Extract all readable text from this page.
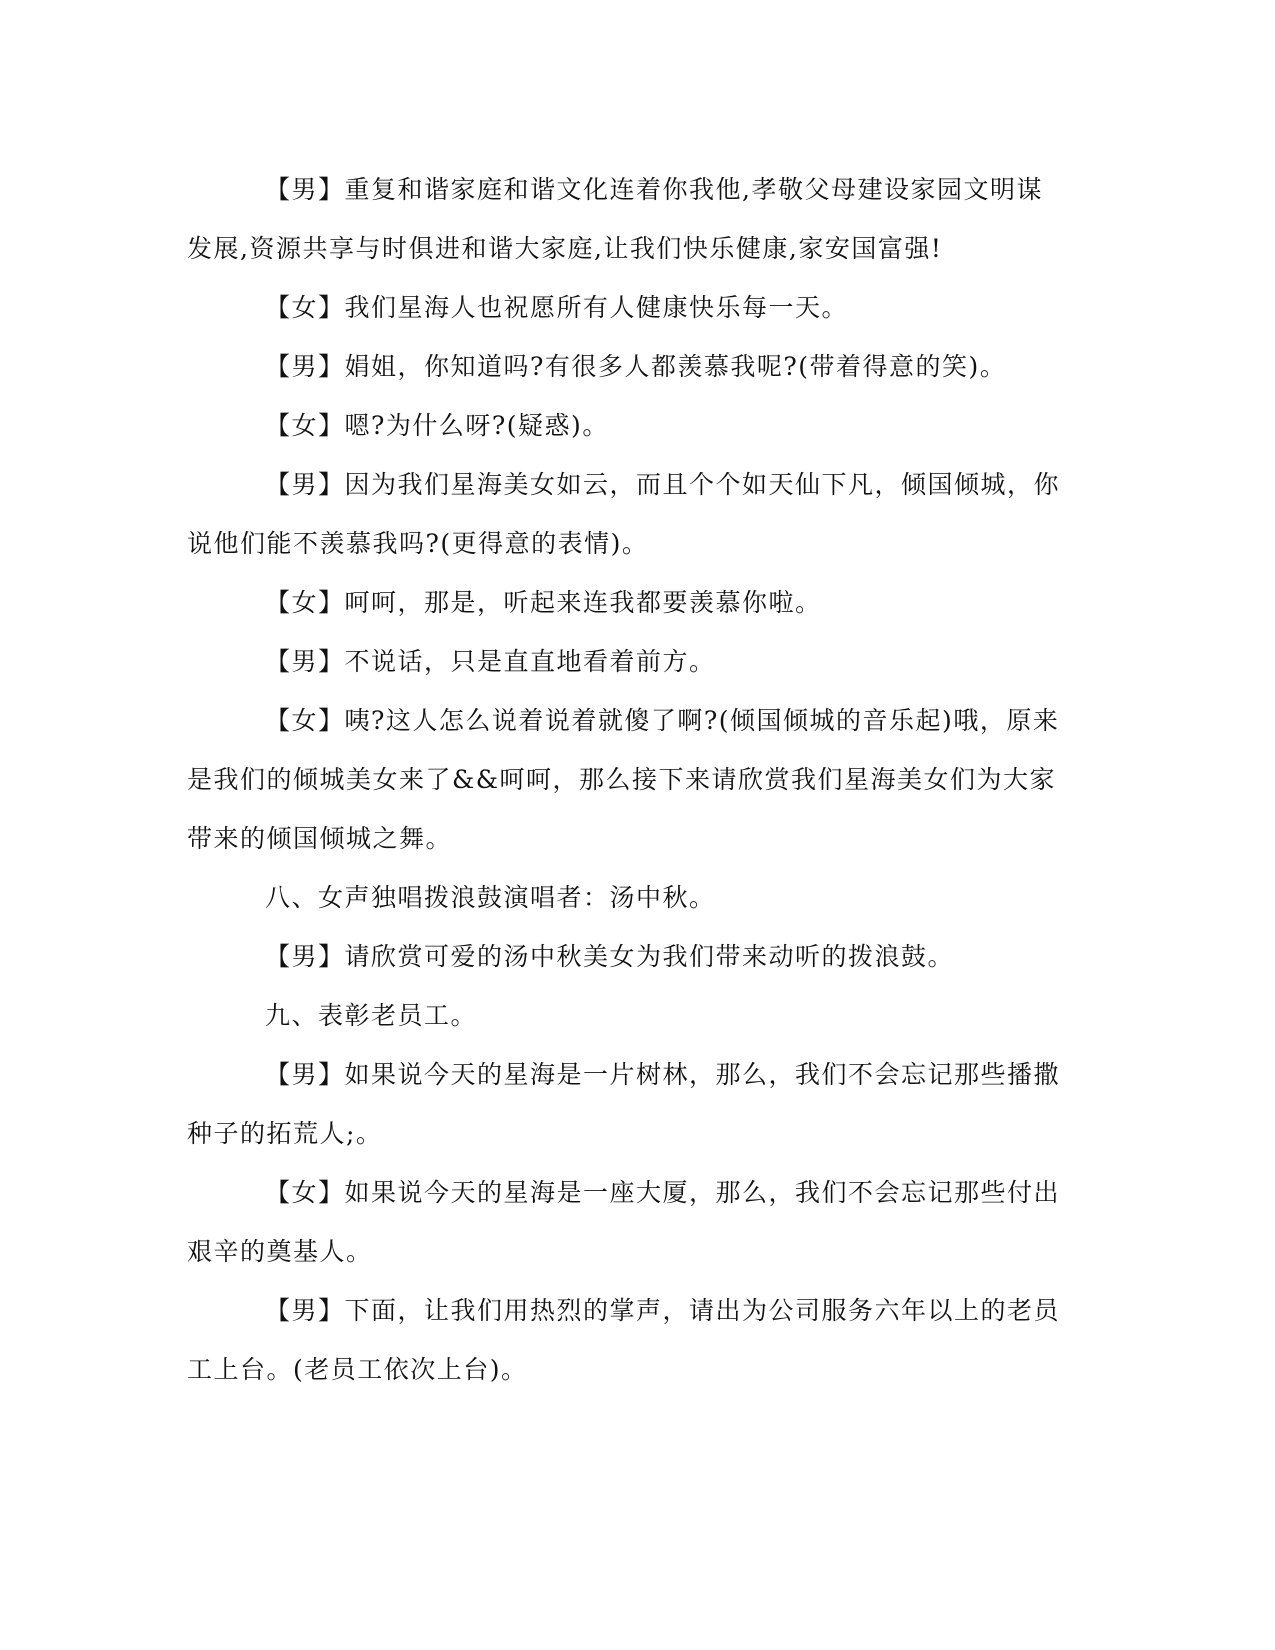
【男】重复和谐家庭和谐文化连着你我他,孝敬父母建设家园文明谋发展,资源共享与时俱进和谐大家庭,让我们快乐健康,家安国富强!

【女】我们星海人也祝愿所有人健康快乐每一天。

【男】娟姐，你知道吗?有很多人都羡慕我呢?(带着得意的笑)。

【女】嗯?为什么呀?(疑惑)。

【男】因为我们星海美女如云，而且个个如天仙下凡，倾国倾城，你说他们能不羡慕我吗?(更得意的表情)。

【女】呵呵，那是，听起来连我都要羡慕你啦。

【男】不说话，只是直直地看着前方。

【女】咦?这人怎么说着说着就傻了啊?(倾国倾城的音乐起)哦，原来是我们的倾城美女来了&&呵呵，那么接下来请欣赏我们星海美女们为大家带来的倾国倾城之舞。

八、女声独唱拨浪鼓演唱者：汤中秋。

【男】请欣赏可爱的汤中秋美女为我们带来动听的拨浪鼓。

九、表彰老员工。

【男】如果说今天的星海是一片树林，那么，我们不会忘记那些播撒种子的拓荒人;。

【女】如果说今天的星海是一座大厦，那么，我们不会忘记那些付出艰辛的奠基人。

【男】下面，让我们用热烈的掌声，请出为公司服务六年以上的老员工上台。(老员工依次上台)。
